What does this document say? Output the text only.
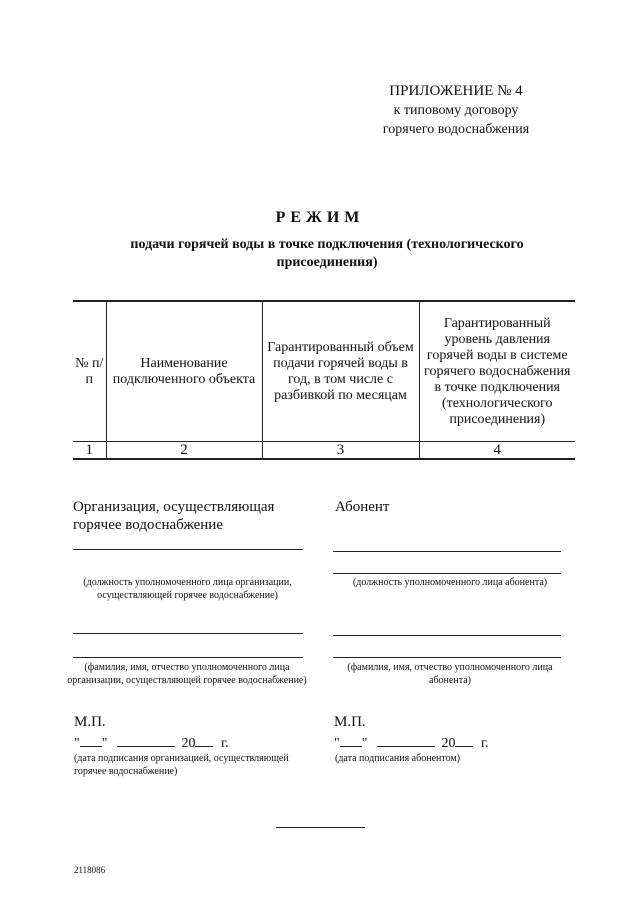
ПРИЛОЖЕНИЕ № 4
к типовому договору
горячего водоснабжения
РЕЖИМ
подачи горячей воды в точке подключения (технологического присоединения)
№ п/п	Наименование подключенного объекта	Гарантированный объем подачи горячей воды в год, в том числе с разбивкой по месяцам	Гарантированный уровень давления горячей воды в системе горячего водоснабжения в точке подключения (технологического присоединения)
1	2	3	4
Организация, осуществляющая горячее водоснабжение
(должность уполномоченного лица организации, осуществляющей горячее водоснабжение)
(фамилия, имя, отчество уполномоченного лица организации, осуществляющей горячее водоснабжение)
М.П.
" "	20 г.
(дата подписания организацией, осуществляющей горячее водоснабжение)
Абонент
(должность уполномоченного лица абонента)
(фамилия, имя, отчество уполномоченного лица абонента)
М.П.
" "	20 г.
(дата подписания абонентом)
2118086
